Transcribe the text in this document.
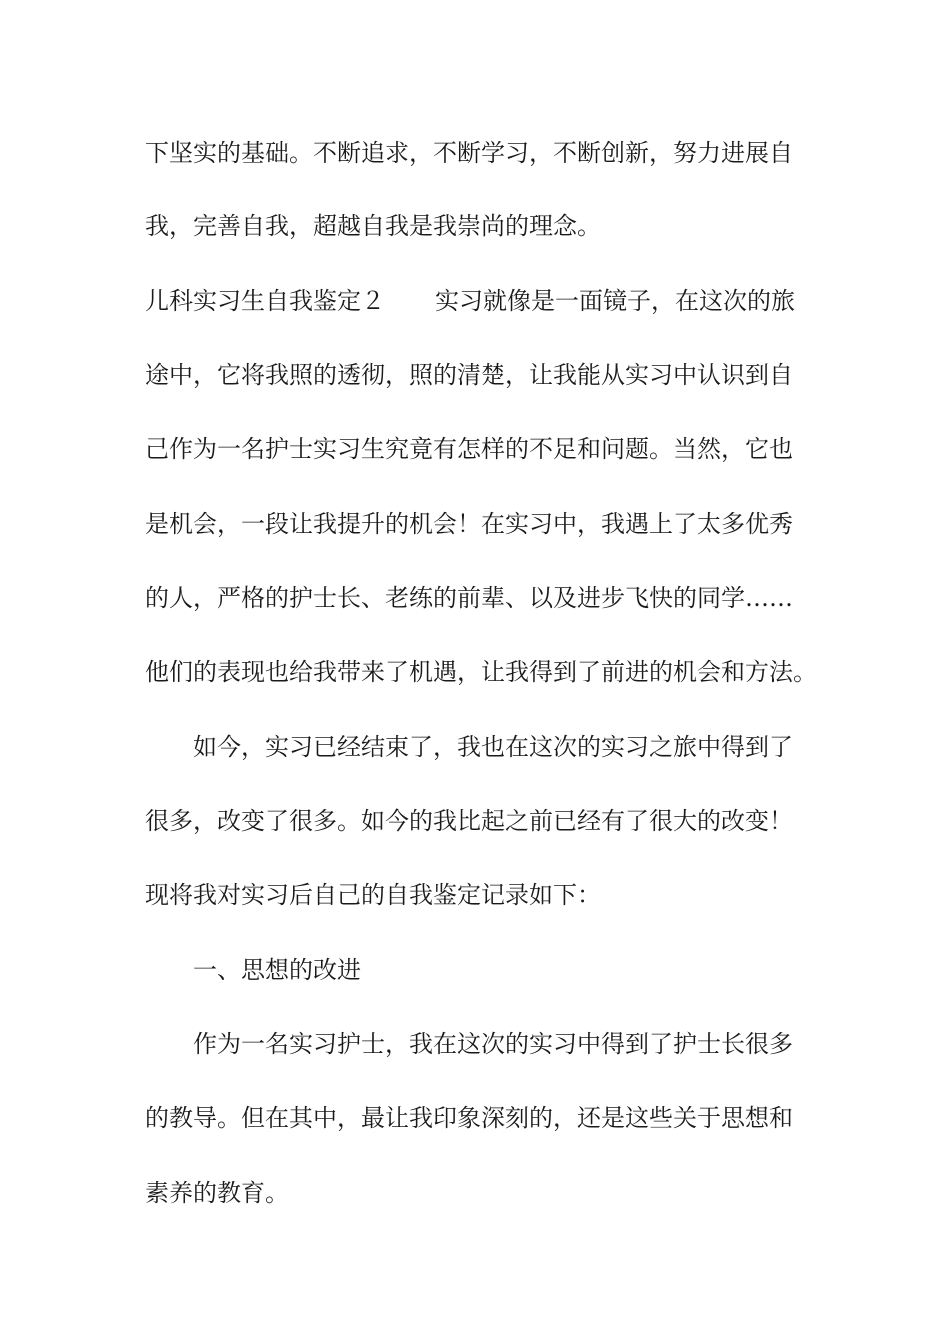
下坚实的基础。不断追求，不断学习，不断创新，努力进展自
我，完善自我，超越自我是我崇尚的理念。
儿科实习生自我鉴定２ 实习就像是一面镜子，在这次的旅
途中，它将我照的透彻，照的清楚，让我能从实习中认识到自
己作为一名护士实习生究竟有怎样的不足和问题。当然，它也
是机会，一段让我提升的机会！在实习中，我遇上了太多优秀
的人，严格的护士长、老练的前辈、以及进步飞快的同学……
他们的表现也给我带来了机遇，让我得到了前进的机会和方法。
如今，实习已经结束了，我也在这次的实习之旅中得到了
很多，改变了很多。如今的我比起之前已经有了很大的改变！
现将我对实习后自己的自我鉴定记录如下：
一、思想的改进
作为一名实习护士，我在这次的实习中得到了护士长很多
的教导。但在其中，最让我印象深刻的，还是这些关于思想和
素养的教育。
